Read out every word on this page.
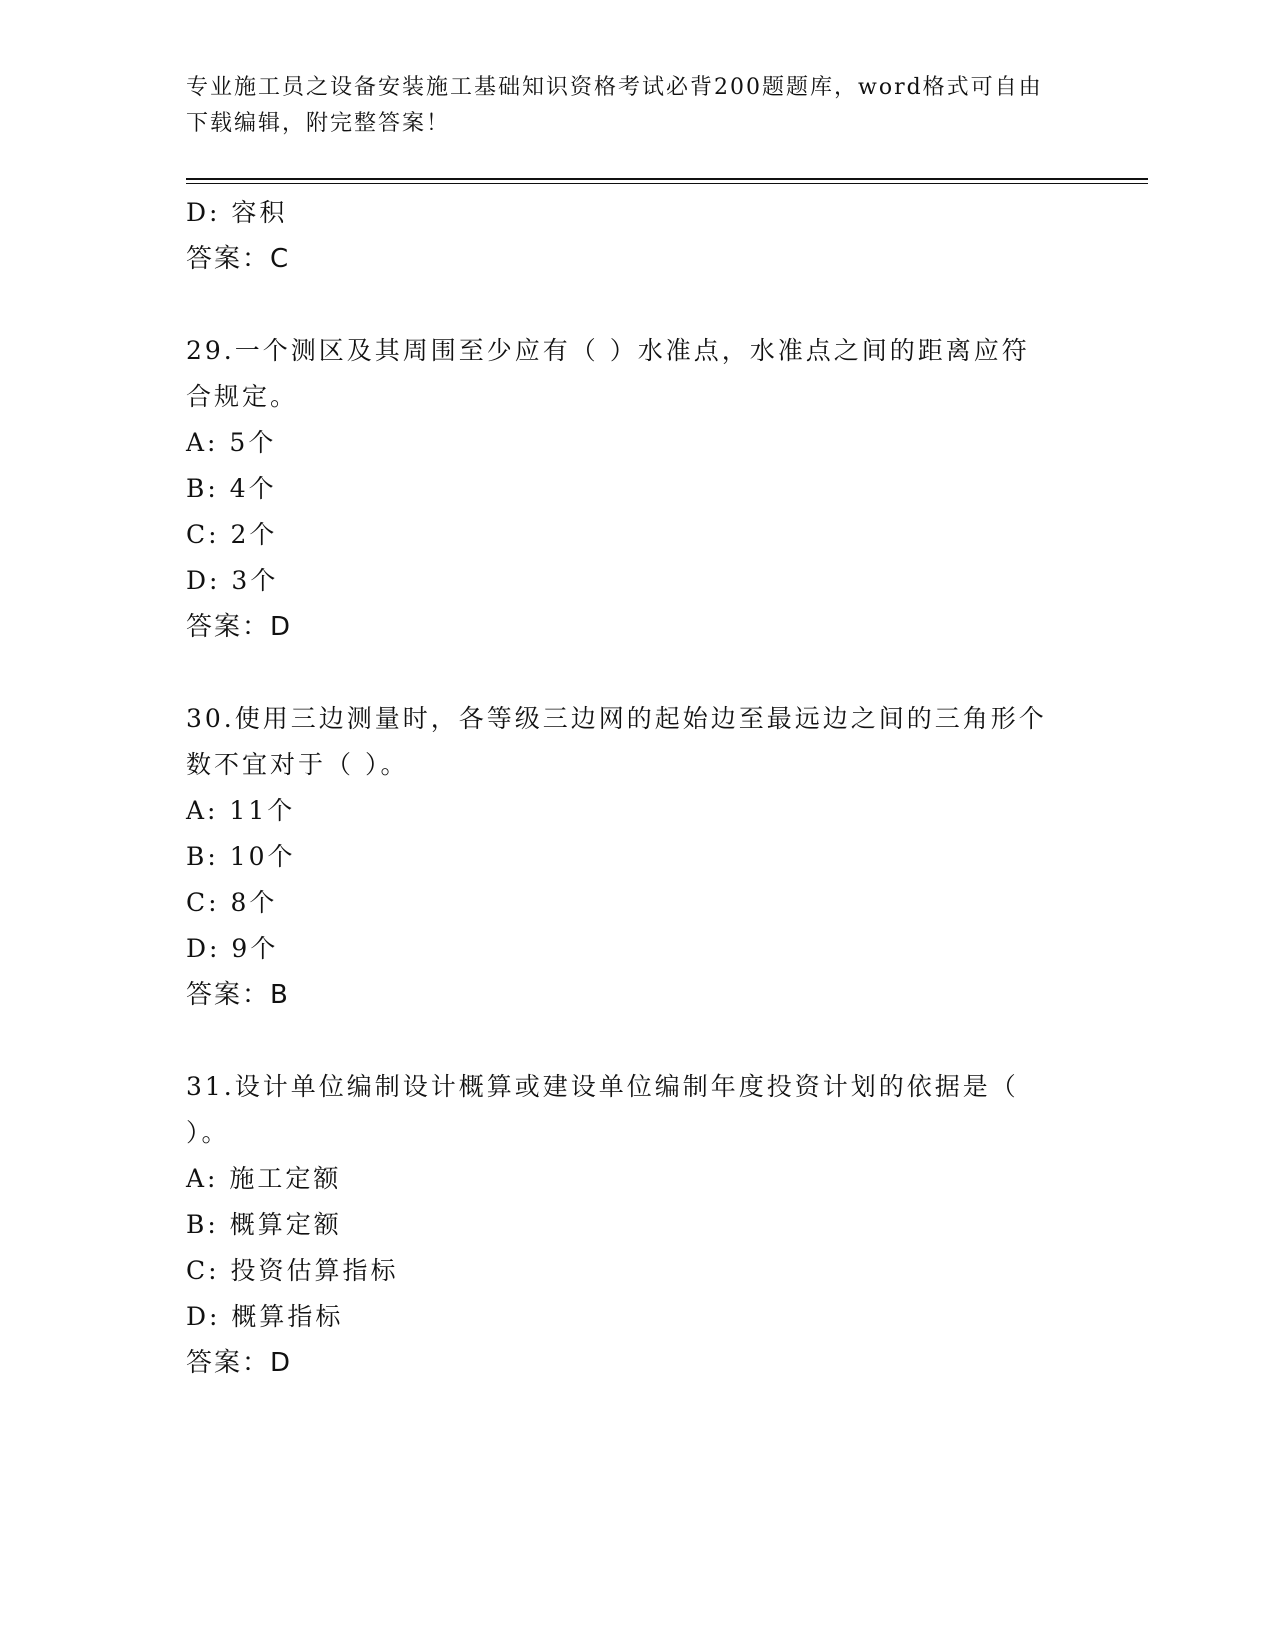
专业施工员之设备安装施工基础知识资格考试必背200题题库，word格式可自由
下载编辑，附完整答案！
D: 容积
答案：C
29.一个测区及其周围至少应有（ ）水准点，水准点之间的距离应符
合规定。
A: 5个
B: 4个
C: 2个
D: 3个
答案：D
30.使用三边测量时，各等级三边网的起始边至最远边之间的三角形个
数不宜对于（ ）。
A: 11个
B: 10个
C: 8个
D: 9个
答案：B
31.设计单位编制设计概算或建设单位编制年度投资计划的依据是（
）。
A: 施工定额
B: 概算定额
C: 投资估算指标
D: 概算指标
答案：D
